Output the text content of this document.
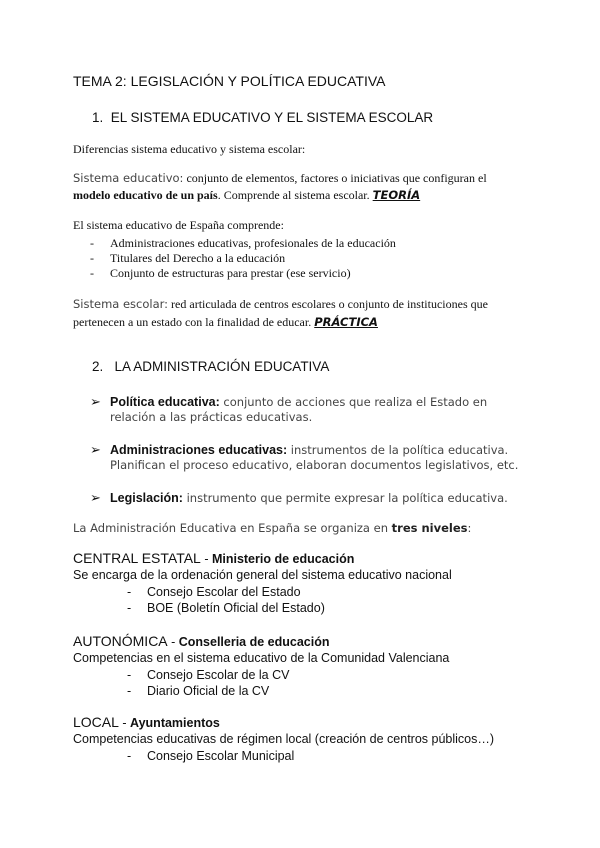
TEMA 2: LEGISLACIÓN Y POLÍTICA EDUCATIVA
1. EL SISTEMA EDUCATIVO Y EL SISTEMA ESCOLAR
Diferencias sistema educativo y sistema escolar:
Sistema educativo: conjunto de elementos, factores o iniciativas que configuran el
modelo educativo de un país. Comprende al sistema escolar. TEORÍA
El sistema educativo de España comprende:
- Administraciones educativas, profesionales de la educación
- Titulares del Derecho a la educación
- Conjunto de estructuras para prestar (ese servicio)
Sistema escolar: red articulada de centros escolares o conjunto de instituciones que
pertenecen a un estado con la finalidad de educar. PRÁCTICA
2. LA ADMINISTRACIÓN EDUCATIVA
➢ Política educativa: conjunto de acciones que realiza el Estado en
relación a las prácticas educativas.
➢ Administraciones educativas: instrumentos de la política educativa.
Planifican el proceso educativo, elaboran documentos legislativos, etc.
➢ Legislación: instrumento que permite expresar la política educativa.
La Administración Educativa en España se organiza en tres niveles:
CENTRAL ESTATAL - Ministerio de educación
Se encarga de la ordenación general del sistema educativo nacional
- Consejo Escolar del Estado
- BOE (Boletín Oficial del Estado)
AUTONÓMICA - Conselleria de educación
Competencias en el sistema educativo de la Comunidad Valenciana
- Consejo Escolar de la CV
- Diario Oficial de la CV
LOCAL - Ayuntamientos
Competencias educativas de régimen local (creación de centros públicos…)
- Consejo Escolar Municipal
